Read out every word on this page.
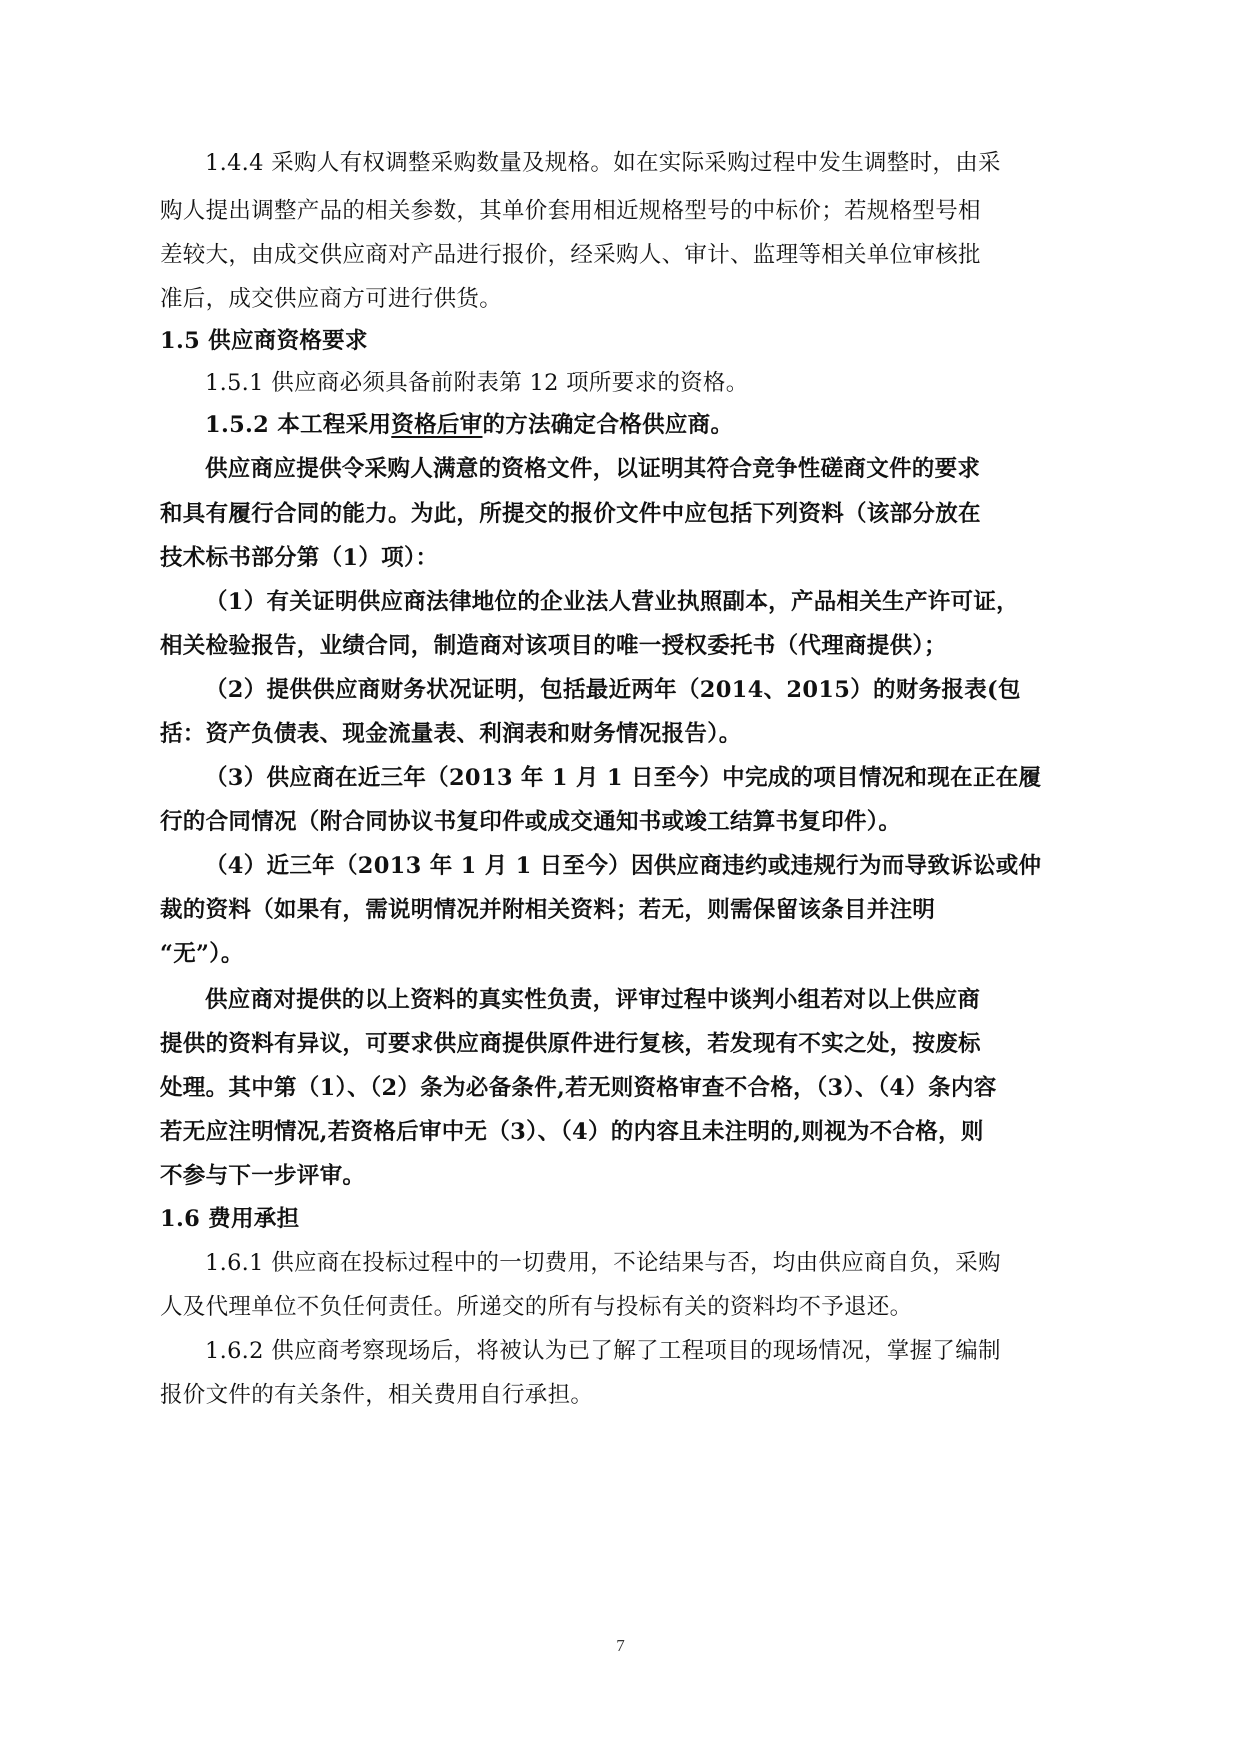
1.4.4 采购人有权调整采购数量及规格。如在实际采购过程中发生调整时，由采
购人提出调整产品的相关参数，其单价套用相近规格型号的中标价；若规格型号相
差较大，由成交供应商对产品进行报价，经采购人、审计、监理等相关单位审核批
准后，成交供应商方可进行供货。
1.5 供应商资格要求
1.5.1 供应商必须具备前附表第 12 项所要求的资格。
1.5.2 本工程采用资格后审的方法确定合格供应商。
供应商应提供令采购人满意的资格文件，以证明其符合竞争性磋商文件的要求
和具有履行合同的能力。为此，所提交的报价文件中应包括下列资料（该部分放在
技术标书部分第（1）项）：
（1）有关证明供应商法律地位的企业法人营业执照副本，产品相关生产许可证，
相关检验报告，业绩合同，制造商对该项目的唯一授权委托书（代理商提供）；
（2）提供供应商财务状况证明，包括最近两年（2014、2015）的财务报表(包
括：资产负债表、现金流量表、利润表和财务情况报告）。
（3）供应商在近三年（2013 年 1 月 1 日至今）中完成的项目情况和现在正在履
行的合同情况（附合同协议书复印件或成交通知书或竣工结算书复印件）。
（4）近三年（2013 年 1 月 1 日至今）因供应商违约或违规行为而导致诉讼或仲
裁的资料（如果有，需说明情况并附相关资料；若无，则需保留该条目并注明
“无”）。
供应商对提供的以上资料的真实性负责，评审过程中谈判小组若对以上供应商
提供的资料有异议，可要求供应商提供原件进行复核，若发现有不实之处，按废标
处理。其中第（1）、（2）条为必备条件,若无则资格审查不合格，（3）、（4）条内容
若无应注明情况,若资格后审中无（3）、（4）的内容且未注明的,则视为不合格，则
不参与下一步评审。
1.6 费用承担
1.6.1 供应商在投标过程中的一切费用，不论结果与否，均由供应商自负，采购
人及代理单位不负任何责任。所递交的所有与投标有关的资料均不予退还。
1.6.2 供应商考察现场后，将被认为已了解了工程项目的现场情况，掌握了编制
报价文件的有关条件，相关费用自行承担。
7
